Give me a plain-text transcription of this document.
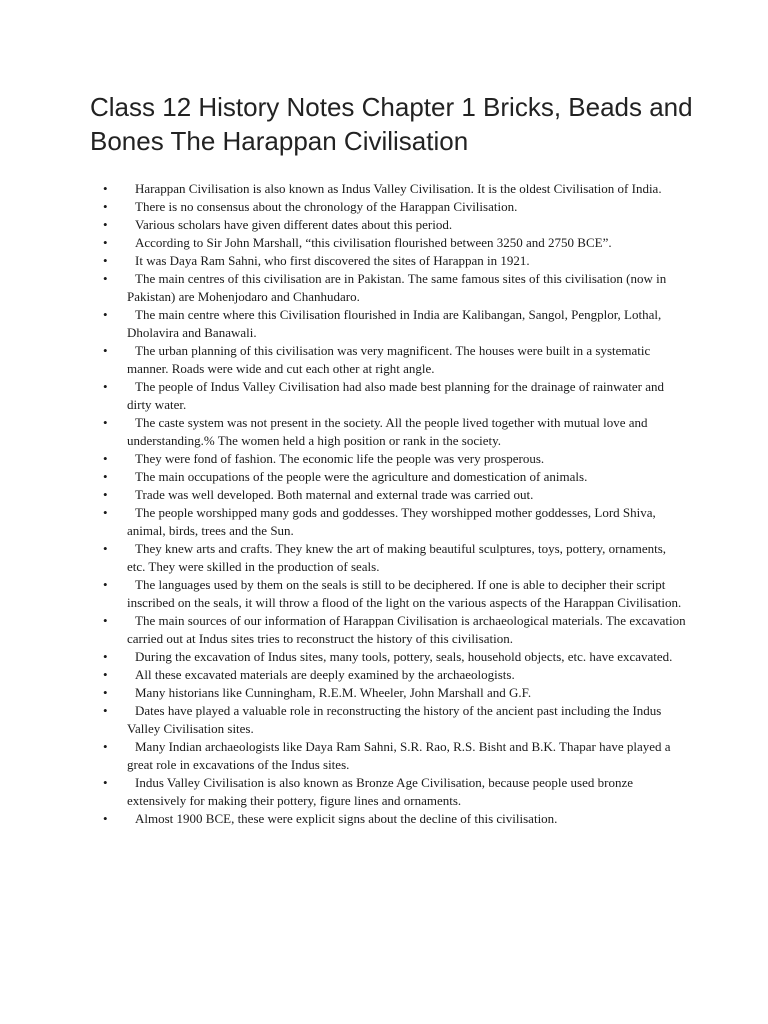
Class 12 History Notes Chapter 1 Bricks, Beads and Bones The Harappan Civilisation
•	Harappan Civilisation is also known as Indus Valley Civilisation. It is the oldest Civilisation of India.
•	There is no consensus about the chronology of the Harappan Civilisation.
•	Various scholars have given different dates about this period.
•	According to Sir John Marshall, “this civilisation flourished between 3250 and 2750 BCE”.
•	It was Daya Ram Sahni, who first discovered the sites of Harappan in 1921.
•	The main centres of this civilisation are in Pakistan. The same famous sites of this civilisation (now in Pakistan) are Mohenjodaro and Chanhudaro.
•	The main centre where this Civilisation flourished in India are Kalibangan, Sangol, Pengplor, Lothal, Dholavira and Banawali.
•	The urban planning of this civilisation was very magnificent. The houses were built in a systematic manner. Roads were wide and cut each other at right angle.
•	The people of Indus Valley Civilisation had also made best planning for the drainage of rainwater and dirty water.
•	The caste system was not present in the society. All the people lived together with mutual love and understanding.% The women held a high position or rank in the society.
•	They were fond of fashion. The economic life the people was very prosperous.
•	The main occupations of the people were the agriculture and domestication of animals.
•	Trade was well developed. Both maternal and external trade was carried out.
•	The people worshipped many gods and goddesses. They worshipped mother goddesses, Lord Shiva, animal, birds, trees and the Sun.
•	They knew arts and crafts. They knew the art of making beautiful sculptures, toys, pottery, ornaments, etc. They were skilled in the production of seals.
•	The languages used by them on the seals is still to be deciphered. If one is able to decipher their script inscribed on the seals, it will throw a flood of the light on the various aspects of the Harappan Civilisation.
•	The main sources of our information of Harappan Civilisation is archaeological materials. The excavation carried out at Indus sites tries to reconstruct the history of this civilisation.
•	During the excavation of Indus sites, many tools, pottery, seals, household objects, etc. have excavated.
•	All these excavated materials are deeply examined by the archaeologists.
•	Many historians like Cunningham, R.E.M. Wheeler, John Marshall and G.F.
•	Dates have played a valuable role in reconstructing the history of the ancient past including the Indus Valley Civilisation sites.
•	Many Indian archaeologists like Daya Ram Sahni, S.R. Rao, R.S. Bisht and B.K. Thapar have played a great role in excavations of the Indus sites.
•	Indus Valley Civilisation is also known as Bronze Age Civilisation, because people used bronze extensively for making their pottery, figure lines and ornaments.
•	Almost 1900 BCE, these were explicit signs about the decline of this civilisation.
